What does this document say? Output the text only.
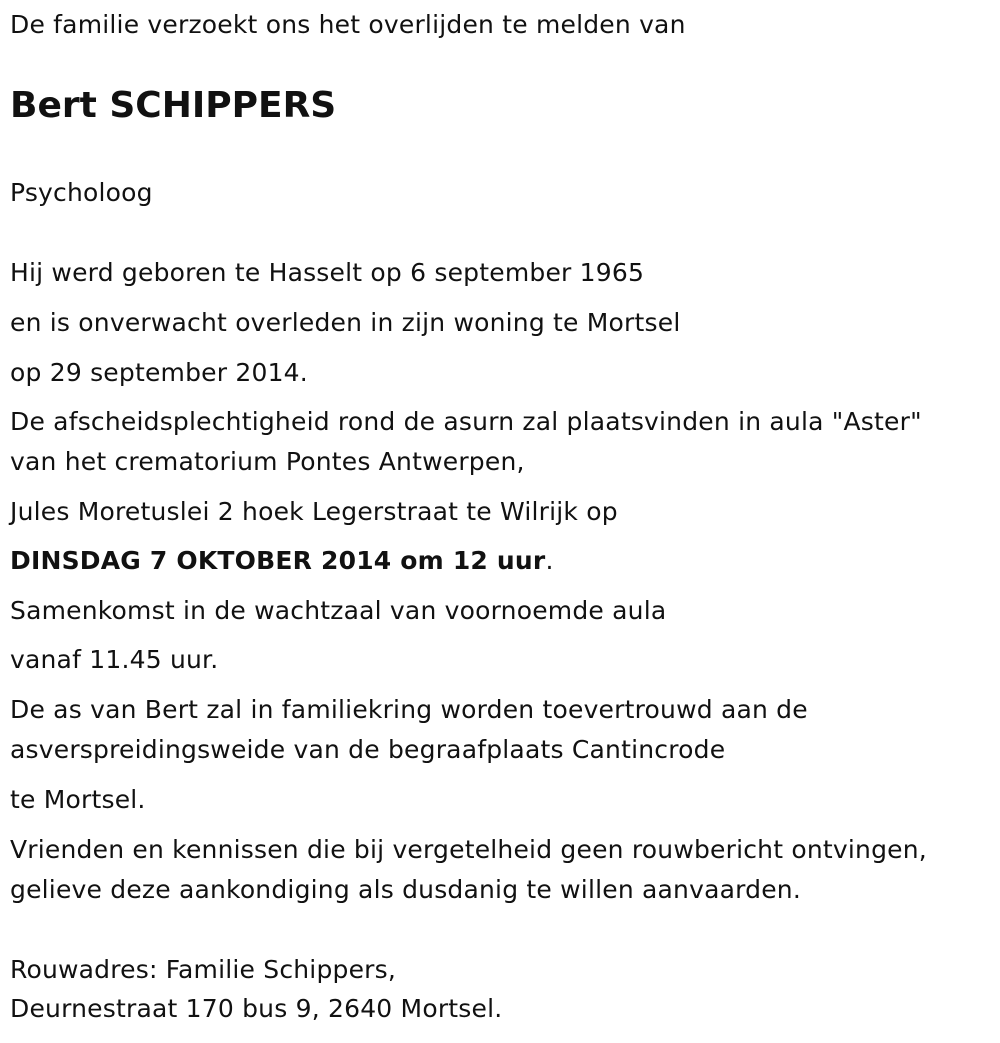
De familie verzoekt ons het overlijden te melden van
Bert SCHIPPERS
Psycholoog
Hij werd geboren te Hasselt op 6 september 1965
en is onverwacht overleden in zijn woning te Mortsel
op 29 september 2014.
De afscheidsplechtigheid rond de asurn zal plaatsvinden in aula "Aster"
van het crematorium Pontes Antwerpen,
Jules Moretuslei 2 hoek Legerstraat te Wilrijk op
DINSDAG 7 OKTOBER 2014 om 12 uur.
Samenkomst in de wachtzaal van voornoemde aula
vanaf 11.45 uur.
De as van Bert zal in familiekring worden toevertrouwd aan de
asverspreidingsweide van de begraafplaats Cantincrode
te Mortsel.
Vrienden en kennissen die bij vergetelheid geen rouwbericht ontvingen,
gelieve deze aankondiging als dusdanig te willen aanvaarden.
Rouwadres: Familie Schippers,
Deurnestraat 170 bus 9, 2640 Mortsel.
